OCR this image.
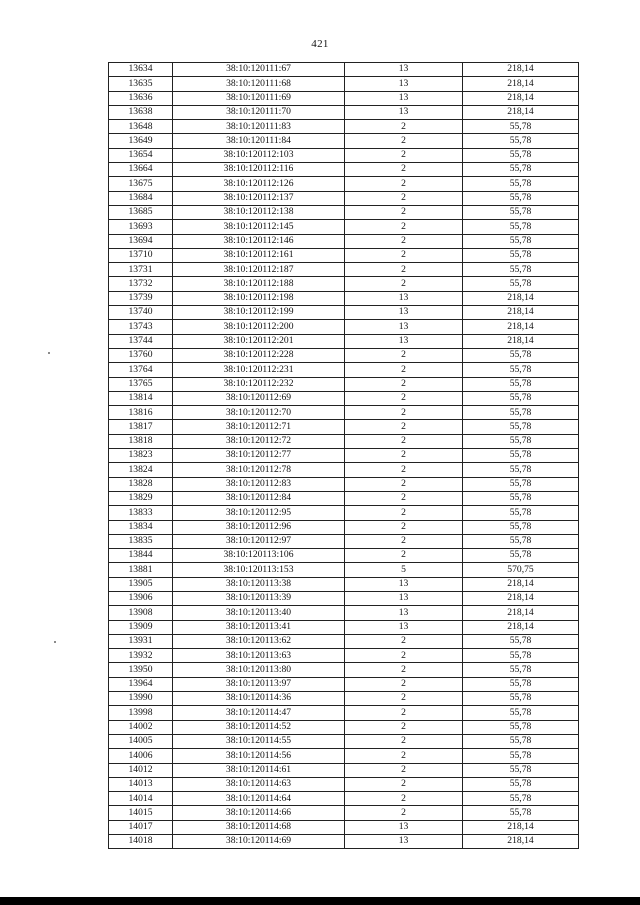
421
13634	38:10:120111:67	13	218,14
13635	38:10:120111:68	13	218,14
13636	38:10:120111:69	13	218,14
13638	38:10:120111:70	13	218,14
13648	38:10:120111:83	2	55,78
13649	38:10:120111:84	2	55,78
13654	38:10:120112:103	2	55,78
13664	38:10:120112:116	2	55,78
13675	38:10:120112:126	2	55,78
13684	38:10:120112:137	2	55,78
13685	38:10:120112:138	2	55,78
13693	38:10:120112:145	2	55,78
13694	38:10:120112:146	2	55,78
13710	38:10:120112:161	2	55,78
13731	38:10:120112:187	2	55,78
13732	38:10:120112:188	2	55,78
13739	38:10:120112:198	13	218,14
13740	38:10:120112:199	13	218,14
13743	38:10:120112:200	13	218,14
13744	38:10:120112:201	13	218,14
13760	38:10:120112:228	2	55,78
13764	38:10:120112:231	2	55,78
13765	38:10:120112:232	2	55,78
13814	38:10:120112:69	2	55,78
13816	38:10:120112:70	2	55,78
13817	38:10:120112:71	2	55,78
13818	38:10:120112:72	2	55,78
13823	38:10:120112:77	2	55,78
13824	38:10:120112:78	2	55,78
13828	38:10:120112:83	2	55,78
13829	38:10:120112:84	2	55,78
13833	38:10:120112:95	2	55,78
13834	38:10:120112:96	2	55,78
13835	38:10:120112:97	2	55,78
13844	38:10:120113:106	2	55,78
13881	38:10:120113:153	5	570,75
13905	38:10:120113:38	13	218,14
13906	38:10:120113:39	13	218,14
13908	38:10:120113:40	13	218,14
13909	38:10:120113:41	13	218,14
13931	38:10:120113:62	2	55,78
13932	38:10:120113:63	2	55,78
13950	38:10:120113:80	2	55,78
13964	38:10:120113:97	2	55,78
13990	38:10:120114:36	2	55,78
13998	38:10:120114:47	2	55,78
14002	38:10:120114:52	2	55,78
14005	38:10:120114:55	2	55,78
14006	38:10:120114:56	2	55,78
14012	38:10:120114:61	2	55,78
14013	38:10:120114:63	2	55,78
14014	38:10:120114:64	2	55,78
14015	38:10:120114:66	2	55,78
14017	38:10:120114:68	13	218,14
14018	38:10:120114:69	13	218,14
